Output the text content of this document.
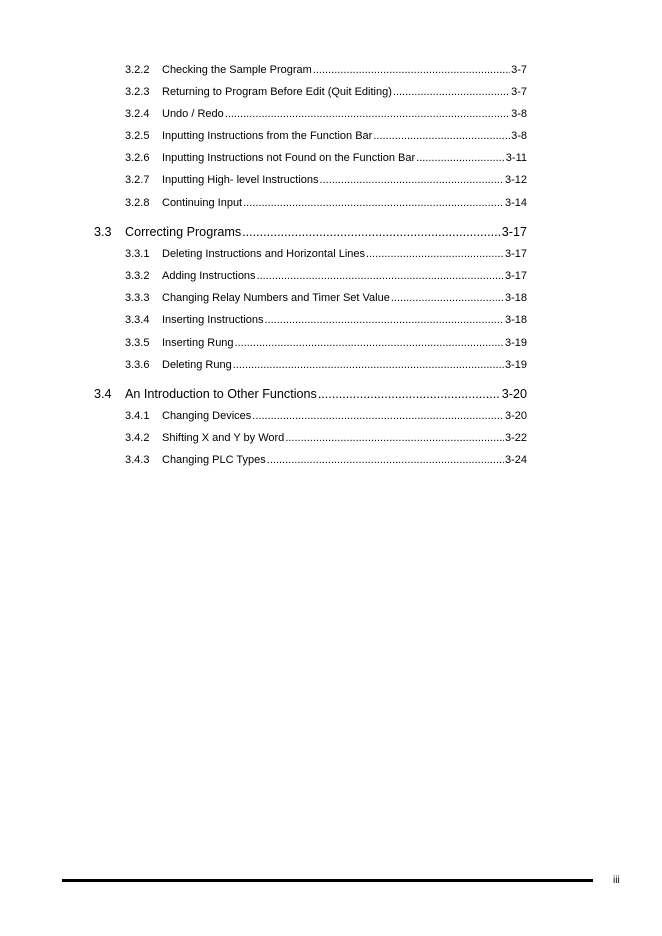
3.2.2	Checking the Sample Program .....	3-7
3.2.3	Returning to Program Before Edit (Quit Editing) .....	3-7
3.2.4	Undo / Redo .....	3-8
3.2.5	Inputting Instructions from the Function Bar .....	3-8
3.2.6	Inputting Instructions not Found on the Function Bar .....	3-11
3.2.7	Inputting High- level Instructions .....	3-12
3.2.8	Continuing Input .....	3-14
3.3	Correcting Programs .....	3-17
3.3.1	Deleting Instructions and Horizontal Lines .....	3-17
3.3.2	Adding Instructions .....	3-17
3.3.3	Changing Relay Numbers and Timer Set Value .....	3-18
3.3.4	Inserting Instructions .....	3-18
3.3.5	Inserting Rung .....	3-19
3.3.6	Deleting Rung .....	3-19
3.4	An Introduction to Other Functions .....	3-20
3.4.1	Changing Devices .....	3-20
3.4.2	Shifting X and Y by Word .....	3-22
3.4.3	Changing PLC Types .....	3-24
iii
